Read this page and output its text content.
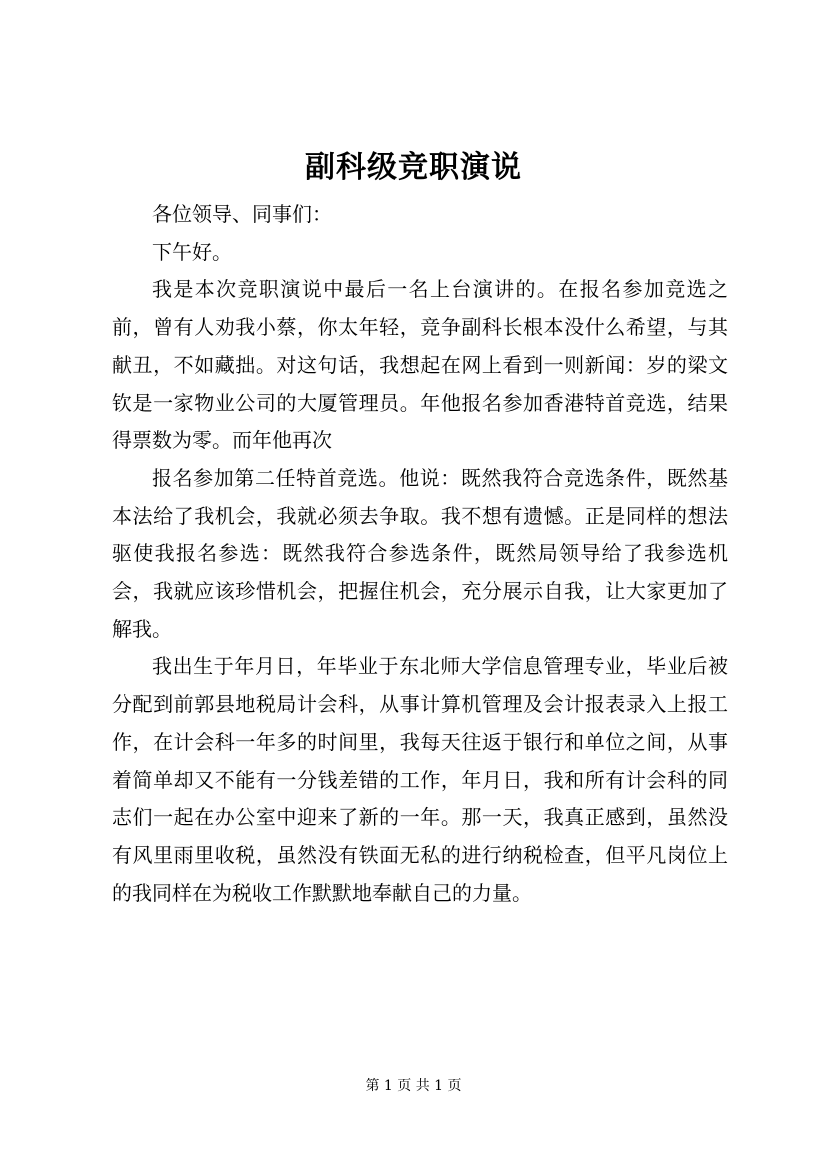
副科级竞职演说

各位领导、同事们：

下午好。

我是本次竞职演说中最后一名上台演讲的。在报名参加竞选之前，曾有人劝我小蔡，你太年轻，竞争副科长根本没什么希望，与其献丑，不如藏拙。对这句话，我想起在网上看到一则新闻：岁的梁文钦是一家物业公司的大厦管理员。年他报名参加香港特首竞选，结果得票数为零。而年他再次

报名参加第二任特首竞选。他说：既然我符合竞选条件，既然基本法给了我机会，我就必须去争取。我不想有遗憾。正是同样的想法驱使我报名参选：既然我符合参选条件，既然局领导给了我参选机会，我就应该珍惜机会，把握住机会，充分展示自我，让大家更加了解我。

我出生于年月日，年毕业于东北师大学信息管理专业，毕业后被分配到前郭县地税局计会科，从事计算机管理及会计报表录入上报工作，在计会科一年多的时间里，我每天往返于银行和单位之间，从事着简单却又不能有一分钱差错的工作，年月日，我和所有计会科的同志们一起在办公室中迎来了新的一年。那一天，我真正感到，虽然没有风里雨里收税，虽然没有铁面无私的进行纳税检查，但平凡岗位上的我同样在为税收工作默默地奉献自己的力量。

第 1 页 共 1 页
